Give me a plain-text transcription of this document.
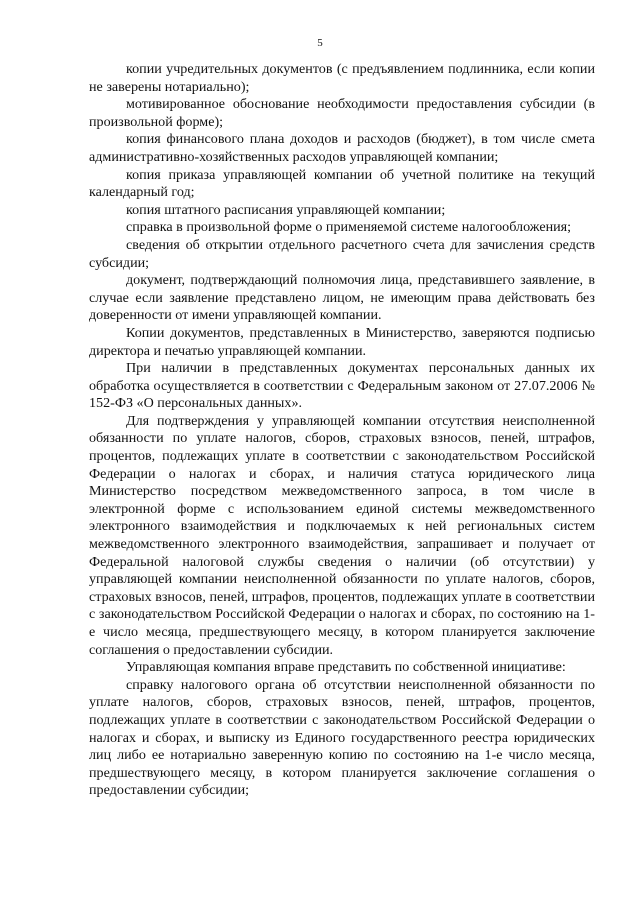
5

копии учредительных документов (с предъявлением подлинника, если копии не заверены нотариально);

мотивированное обоснование необходимости предоставления субсидии (в произвольной форме);

копия финансового плана доходов и расходов (бюджет), в том числе смета административно-хозяйственных расходов управляющей компании;

копия приказа управляющей компании об учетной политике на текущий календарный год;

копия штатного расписания управляющей компании;

справка в произвольной форме о применяемой системе налогообложения;

сведения об открытии отдельного расчетного счета для зачисления средств субсидии;

документ, подтверждающий полномочия лица, представившего заявление, в случае если заявление представлено лицом, не имеющим права действовать без доверенности от имени управляющей компании.

Копии документов, представленных в Министерство, заверяются подписью директора и печатью управляющей компании.

При наличии в представленных документах персональных данных их обработка осуществляется в соответствии с Федеральным законом от 27.07.2006 № 152-ФЗ «О персональных данных».

Для подтверждения у управляющей компании отсутствия неисполненной обязанности по уплате налогов, сборов, страховых взносов, пеней, штрафов, процентов, подлежащих уплате в соответствии с законодательством Российской Федерации о налогах и сборах, и наличия статуса юридического лица Министерство посредством межведомственного запроса, в том числе в электронной форме с использованием единой системы межведомственного электронного взаимодействия и подключаемых к ней региональных систем межведомственного электронного взаимодействия, запрашивает и получает от Федеральной налоговой службы сведения о наличии (об отсутствии) у управляющей компании неисполненной обязанности по уплате налогов, сборов, страховых взносов, пеней, штрафов, процентов, подлежащих уплате в соответствии с законодательством Российской Федерации о налогах и сборах, по состоянию на 1-е число месяца, предшествующего месяцу, в котором планируется заключение соглашения о предоставлении субсидии.

Управляющая компания вправе представить по собственной инициативе:

справку налогового органа об отсутствии неисполненной обязанности по уплате налогов, сборов, страховых взносов, пеней, штрафов, процентов, подлежащих уплате в соответствии с законодательством Российской Федерации о налогах и сборах, и выписку из Единого государственного реестра юридических лиц либо ее нотариально заверенную копию по состоянию на 1-е число месяца, предшествующего месяцу, в котором планируется заключение соглашения о предоставлении субсидии;
